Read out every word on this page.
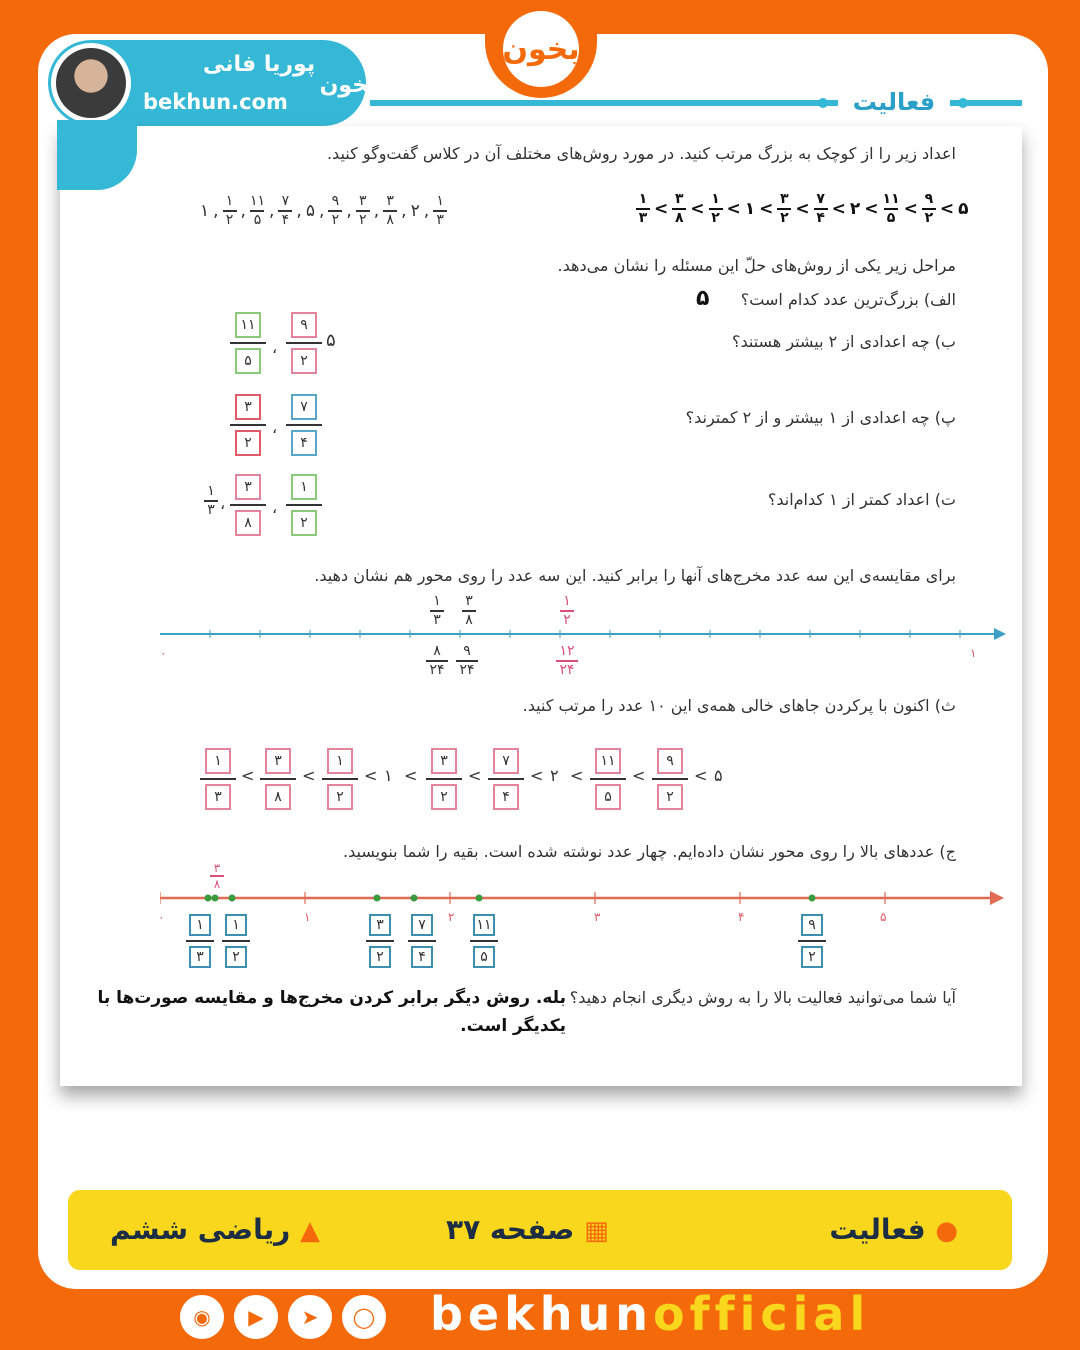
بخون
پوریا فانی
bekhun.com
بخون
اعداد زیر را از کوچک به بزرگ مرتب کنید. در مورد روش‌های مختلف آن در کلاس گفت‌وگو کنید.
۱ , $\frac{۱}{۲}$ , $\frac{۱۱}{۵}$ , $\frac{۷}{۴}$ , ۵ , $\frac{۹}{۲}$ , $\frac{۳}{۲}$ , $\frac{۳}{۸}$ , ۲ , $\frac{۱}{۳}$	$\frac{۱}{۳} < \frac{۳}{۸} < \frac{۱}{۲}$ < ۱ < $\frac{۳}{۲} < \frac{۷}{۴}$ < ۲ < $\frac{۱۱}{۵} < \frac{۹}{۲}$ < ۵
مراحل زیر یکی از روش‌های حلّ این مسئله را نشان می‌دهد.
الف) بزرگ‌ترین عدد کدام است؟
۵
ب) چه اعدادی از ۲ بیشتر هستند؟
۱۱
۵
،
۹
۲
۵
پ) چه اعدادی از ۱ بیشتر و از ۲ کمترند؟
۳
۲
،
۷
۴
ت) اعداد کمتر از ۱ کدام‌اند؟
۱
۳ ،
۳
۸
،
۱
۲
برای مقایسه‌ی این سه عدد مخرج‌های آنها را برابر کنید. این سه عدد را روی محور هم نشان دهید.
۰	۱
۱
۳
۳
۸
۱
۲
۸
۲۴
۹
۲۴
۱۲
۲۴
ث) اکنون با پرکردن جاهای خالی همه‌ی این ۱۰ عدد را مرتب کنید.
۱
۳
<
۳
۸
<
۱
۲
< ۱ <
۳
۲
<
۷
۴
< ۲ <
۱۱
۵
<
۹
۲
< ۵
ج) عددهای بالا را روی محور نشان داده‌ایم. چهار عدد نوشته شده است. بقیه را شما بنویسید.
۰	۱	۲	۳	۴	۵
۳
۸
۱
۳
۱
۲
۳
۲
۷
۴
۱۱
۵
۹
۲
آیا شما می‌توانید فعالیت بالا را به روش دیگری انجام دهید؟
بله. روش دیگر برابر کردن مخرج‌ها و مقایسه صورت‌ها با یکدیگر است.
فعالیت
● فعالیت
▦ صفحه ۳۷
▲ ریاضی ششم
◉	▶	➤	◯ bekhunofficial
